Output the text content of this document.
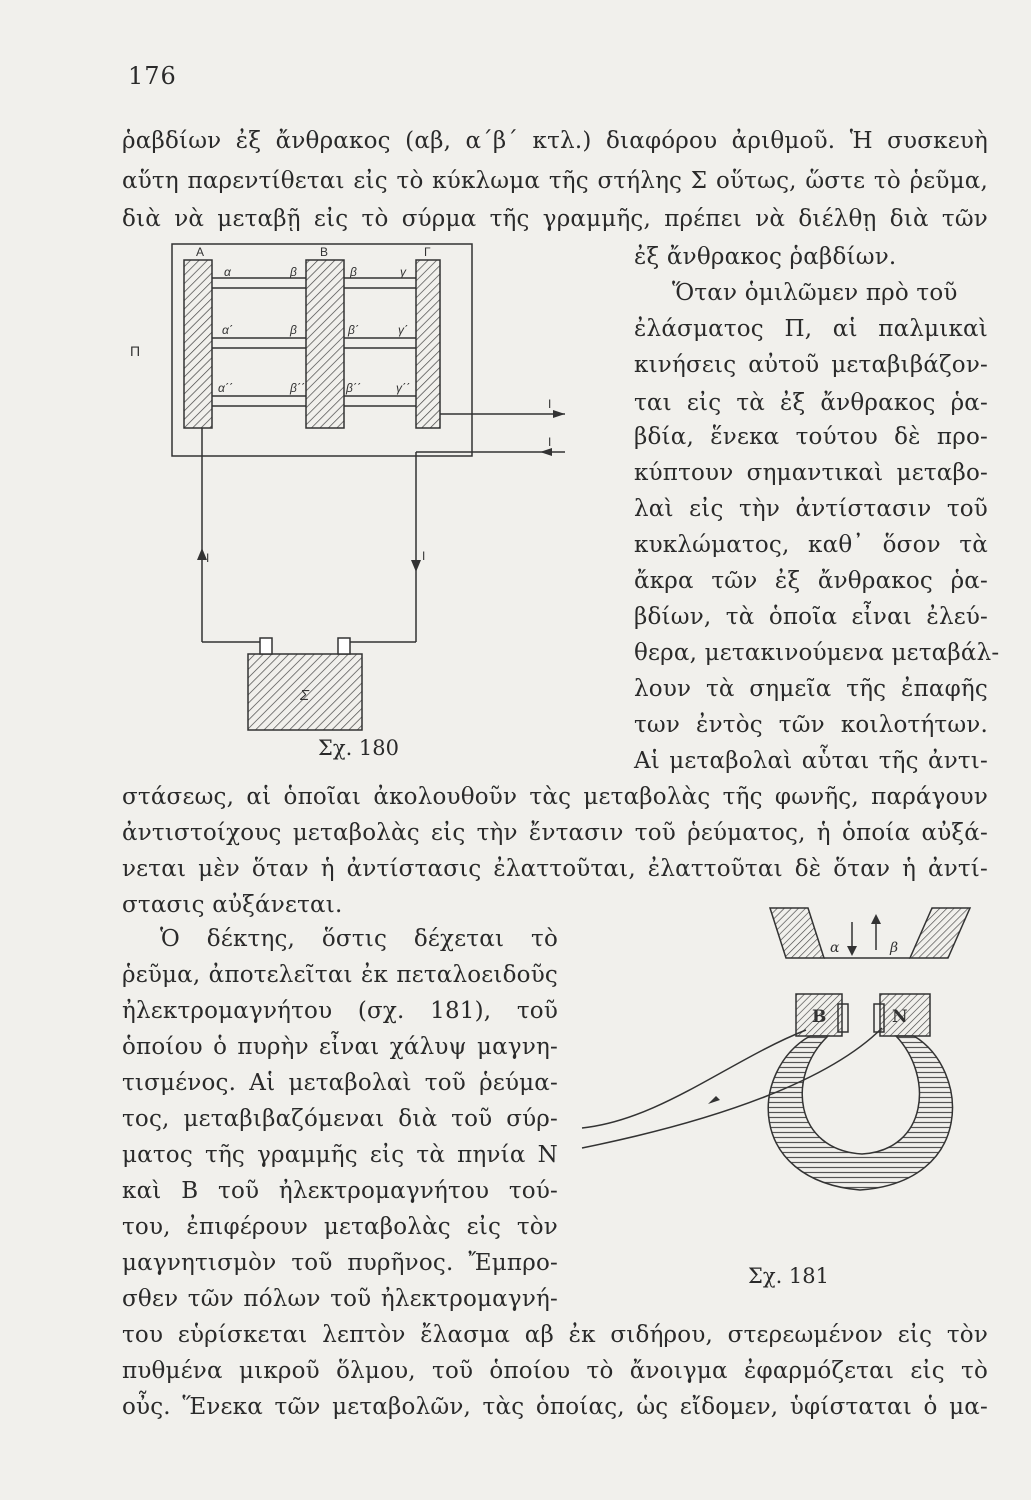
176
ῥαβδίων ἐξ ἄνθρακος (αβ, α΄β΄ κτλ.) διαφόρου ἀριθμοῦ. Ἡ συσκευὴ
αὕτη παρεντίθεται εἰς τὸ κύκλωμα τῆς στήλης Σ οὕτως, ὥστε τὸ ῥεῦμα,
διὰ νὰ μεταβῇ εἰς τὸ σύρμα τῆς γραμμῆς, πρέπει νὰ διέλθῃ διὰ τῶν
ἐξ ἄνθρακος ῥαβδίων.
Ὅταν ὁμιλῶμεν πρὸ τοῦ
ἐλάσματος Π, αἱ παλμικαὶ
κινήσεις αὐτοῦ μεταβιβάζον-
ται εἰς τὰ ἐξ ἄνθρακος ῥα-
βδία, ἕνεκα τούτου δὲ προ-
κύπτουν σημαντικαὶ μεταβο-
λαὶ εἰς τὴν ἀντίστασιν τοῦ
κυκλώματος, καθ᾽ ὅσον τὰ
ἄκρα τῶν ἐξ ἄνθρακος ῥα-
βδίων, τὰ ὁποῖα εἶναι ἐλεύ-
θερα, μετακινούμενα μεταβάλ-
λουν τὰ σημεῖα τῆς ἐπαφῆς
των ἐντὸς τῶν κοιλοτήτων.
Αἱ μεταβολαὶ αὗται τῆς ἀντι-
στάσεως, αἱ ὁποῖαι ἀκολουθοῦν τὰς μεταβολὰς τῆς φωνῆς, παράγουν
ἀντιστοίχους μεταβολὰς εἰς τὴν ἔντασιν τοῦ ῥεύματος, ἡ ὁποία αὐξά-
νεται μὲν ὅταν ἡ ἀντίστασις ἐλαττοῦται, ἐλαττοῦται δὲ ὅταν ἡ ἀντί-
στασις αὐξάνεται.
Ὁ δέκτης, ὅστις δέχεται τὸ
ῥεῦμα, ἀποτελεῖται ἐκ πεταλοειδοῦς
ἠλεκτρομαγνήτου (σχ. 181), τοῦ
ὁποίου ὁ πυρὴν εἶναι χάλυψ μαγνη-
τισμένος. Αἱ μεταβολαὶ τοῦ ῥεύμα-
τος, μεταβιβαζόμεναι διὰ τοῦ σύρ-
ματος τῆς γραμμῆς εἰς τὰ πηνία Ν
καὶ Β τοῦ ἠλεκτρομαγνήτου τού-
του, ἐπιφέρουν μεταβολὰς εἰς τὸν
μαγνητισμὸν τοῦ πυρῆνος. Ἔμπρο-
σθεν τῶν πόλων τοῦ ἠλεκτρομαγνή-
του εὑρίσκεται λεπτὸν ἔλασμα αβ ἐκ σιδήρου, στερεωμένον εἰς τὸν
πυθμένα μικροῦ ὅλμου, τοῦ ὁποίου τὸ ἄνοιγμα ἐφαρμόζεται εἰς τὸ
οὖς. Ἕνεκα τῶν μεταβολῶν, τὰς ὁποίας, ὡς εἴδομεν, ὑφίσταται ὁ μα-
A	B	Γ
Π
α	β	β	γ
α΄	β	β΄	γ΄
α΄΄	β΄΄	β΄΄	γ΄΄
I
I
I	I
Σ
Σχ. 180
α	β
Β	Ν
Σχ. 181
